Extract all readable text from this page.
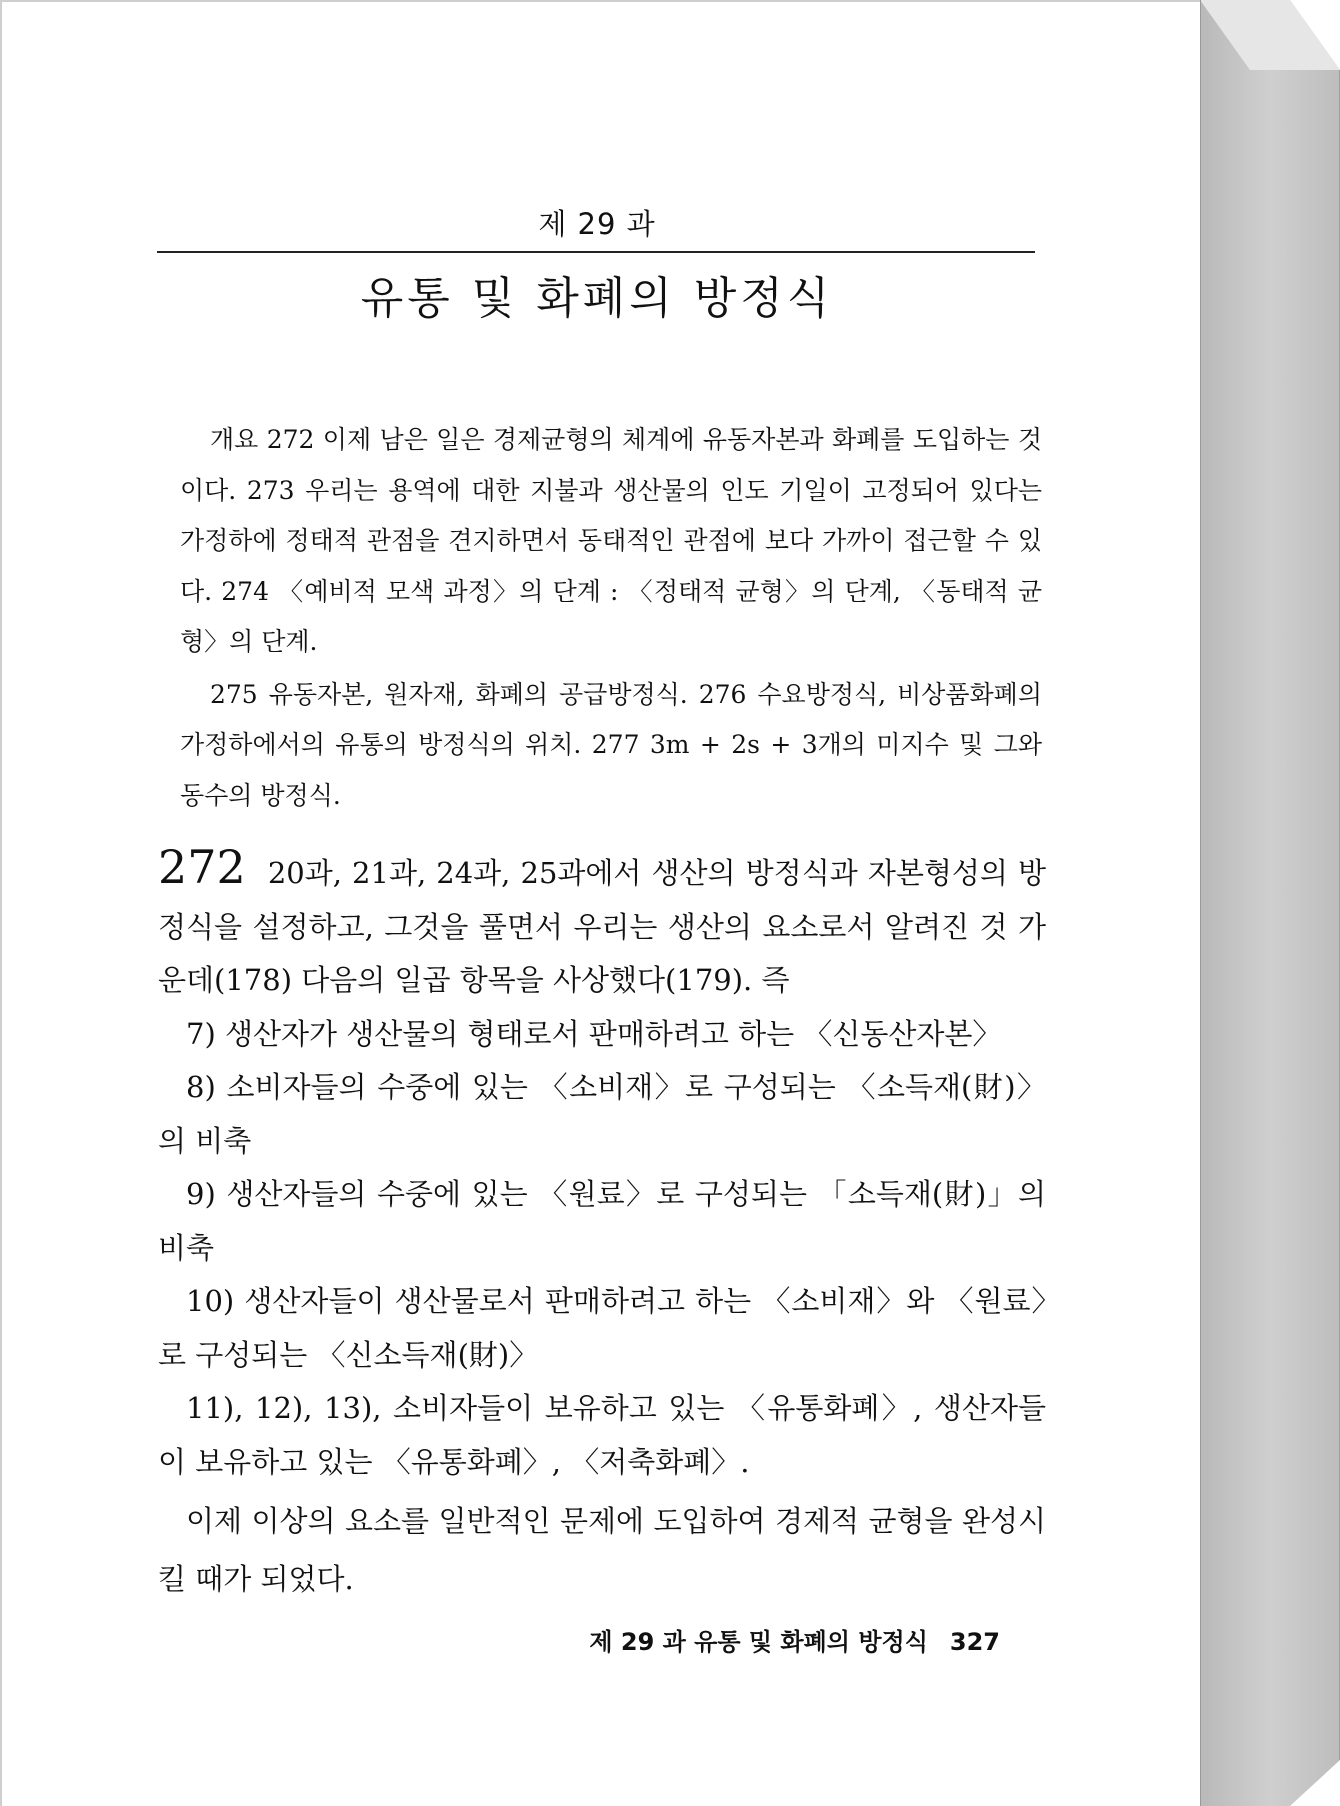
제 29 과
유통 및 화폐의 방정식

개요 272 이제 남은 일은 경제균형의 체계에 유동자본과 화폐를 도입하는 것이다. 273 우리는 용역에 대한 지불과 생산물의 인도 기일이 고정되어 있다는 가정하에 정태적 관점을 견지하면서 동태적인 관점에 보다 가까이 접근할 수 있다. 274 〈예비적 모색 과정〉의 단계 : 〈정태적 균형〉의 단계, 〈동태적 균형〉의 단계.

275 유동자본, 원자재, 화폐의 공급방정식. 276 수요방정식, 비상품화폐의 가정하에서의 유통의 방정식의 위치. 277 3m + 2s + 3개의 미지수 및 그와 동수의 방정식.

272 20과, 21과, 24과, 25과에서 생산의 방정식과 자본형성의 방정식을 설정하고, 그것을 풀면서 우리는 생산의 요소로서 알려진 것 가운데(178) 다음의 일곱 항목을 사상했다(179). 즉

7) 생산자가 생산물의 형태로서 판매하려고 하는 〈신동산자본〉

8) 소비자들의 수중에 있는 〈소비재〉로 구성되는 〈소득재(財)〉의 비축

9) 생산자들의 수중에 있는 〈원료〉로 구성되는 「소득재(財)」의 비축

10) 생산자들이 생산물로서 판매하려고 하는 〈소비재〉와 〈원료〉로 구성되는 〈신소득재(財)〉

11), 12), 13), 소비자들이 보유하고 있는 〈유통화폐〉, 생산자들이 보유하고 있는 〈유통화폐〉, 〈저축화폐〉.

이제 이상의 요소를 일반적인 문제에 도입하여 경제적 균형을 완성시킬 때가 되었다.

제 29 과 유통 및 화폐의 방정식 327
